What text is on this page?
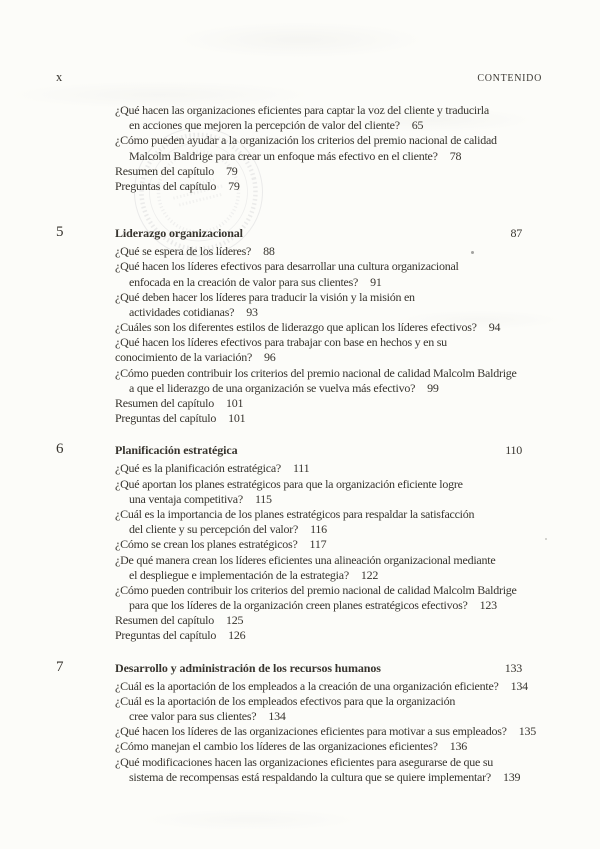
x	CONTENIDO
¿Qué hacen las organizaciones eficientes para captar la voz del cliente y traducirla
en acciones que mejoren la percepción de valor del cliente? 65
¿Cómo pueden ayudar a la organización los criterios del premio nacional de calidad
Malcolm Baldrige para crear un enfoque más efectivo en el cliente? 78
Resumen del capítulo 79
Preguntas del capítulo 79
5	Liderazgo organizacional	87
¿Qué se espera de los líderes? 88
¿Qué hacen los líderes efectivos para desarrollar una cultura organizacional
enfocada en la creación de valor para sus clientes? 91
¿Qué deben hacer los líderes para traducir la visión y la misión en
actividades cotidianas? 93
¿Cuáles son los diferentes estilos de liderazgo que aplican los líderes efectivos? 94
¿Qué hacen los líderes efectivos para trabajar con base en hechos y en su
conocimiento de la variación? 96
¿Cómo pueden contribuir los criterios del premio nacional de calidad Malcolm Baldrige
a que el liderazgo de una organización se vuelva más efectivo? 99
Resumen del capítulo 101
Preguntas del capítulo 101
6	Planificación estratégica	110
¿Qué es la planificación estratégica? 111
¿Qué aportan los planes estratégicos para que la organización eficiente logre
una ventaja competitiva? 115
¿Cuál es la importancia de los planes estratégicos para respaldar la satisfacción
del cliente y su percepción del valor? 116
¿Cómo se crean los planes estratégicos? 117
¿De qué manera crean los líderes eficientes una alineación organizacional mediante
el despliegue e implementación de la estrategia? 122
¿Cómo pueden contribuir los criterios del premio nacional de calidad Malcolm Baldrige
para que los líderes de la organización creen planes estratégicos efectivos? 123
Resumen del capítulo 125
Preguntas del capítulo 126
7	Desarrollo y administración de los recursos humanos	133
¿Cuál es la aportación de los empleados a la creación de una organización eficiente? 134
¿Cuál es la aportación de los empleados efectivos para que la organización
cree valor para sus clientes? 134
¿Qué hacen los líderes de las organizaciones eficientes para motivar a sus empleados? 135
¿Cómo manejan el cambio los líderes de las organizaciones eficientes? 136
¿Qué modificaciones hacen las organizaciones eficientes para asegurarse de que su
sistema de recompensas está respaldando la cultura que se quiere implementar? 139
